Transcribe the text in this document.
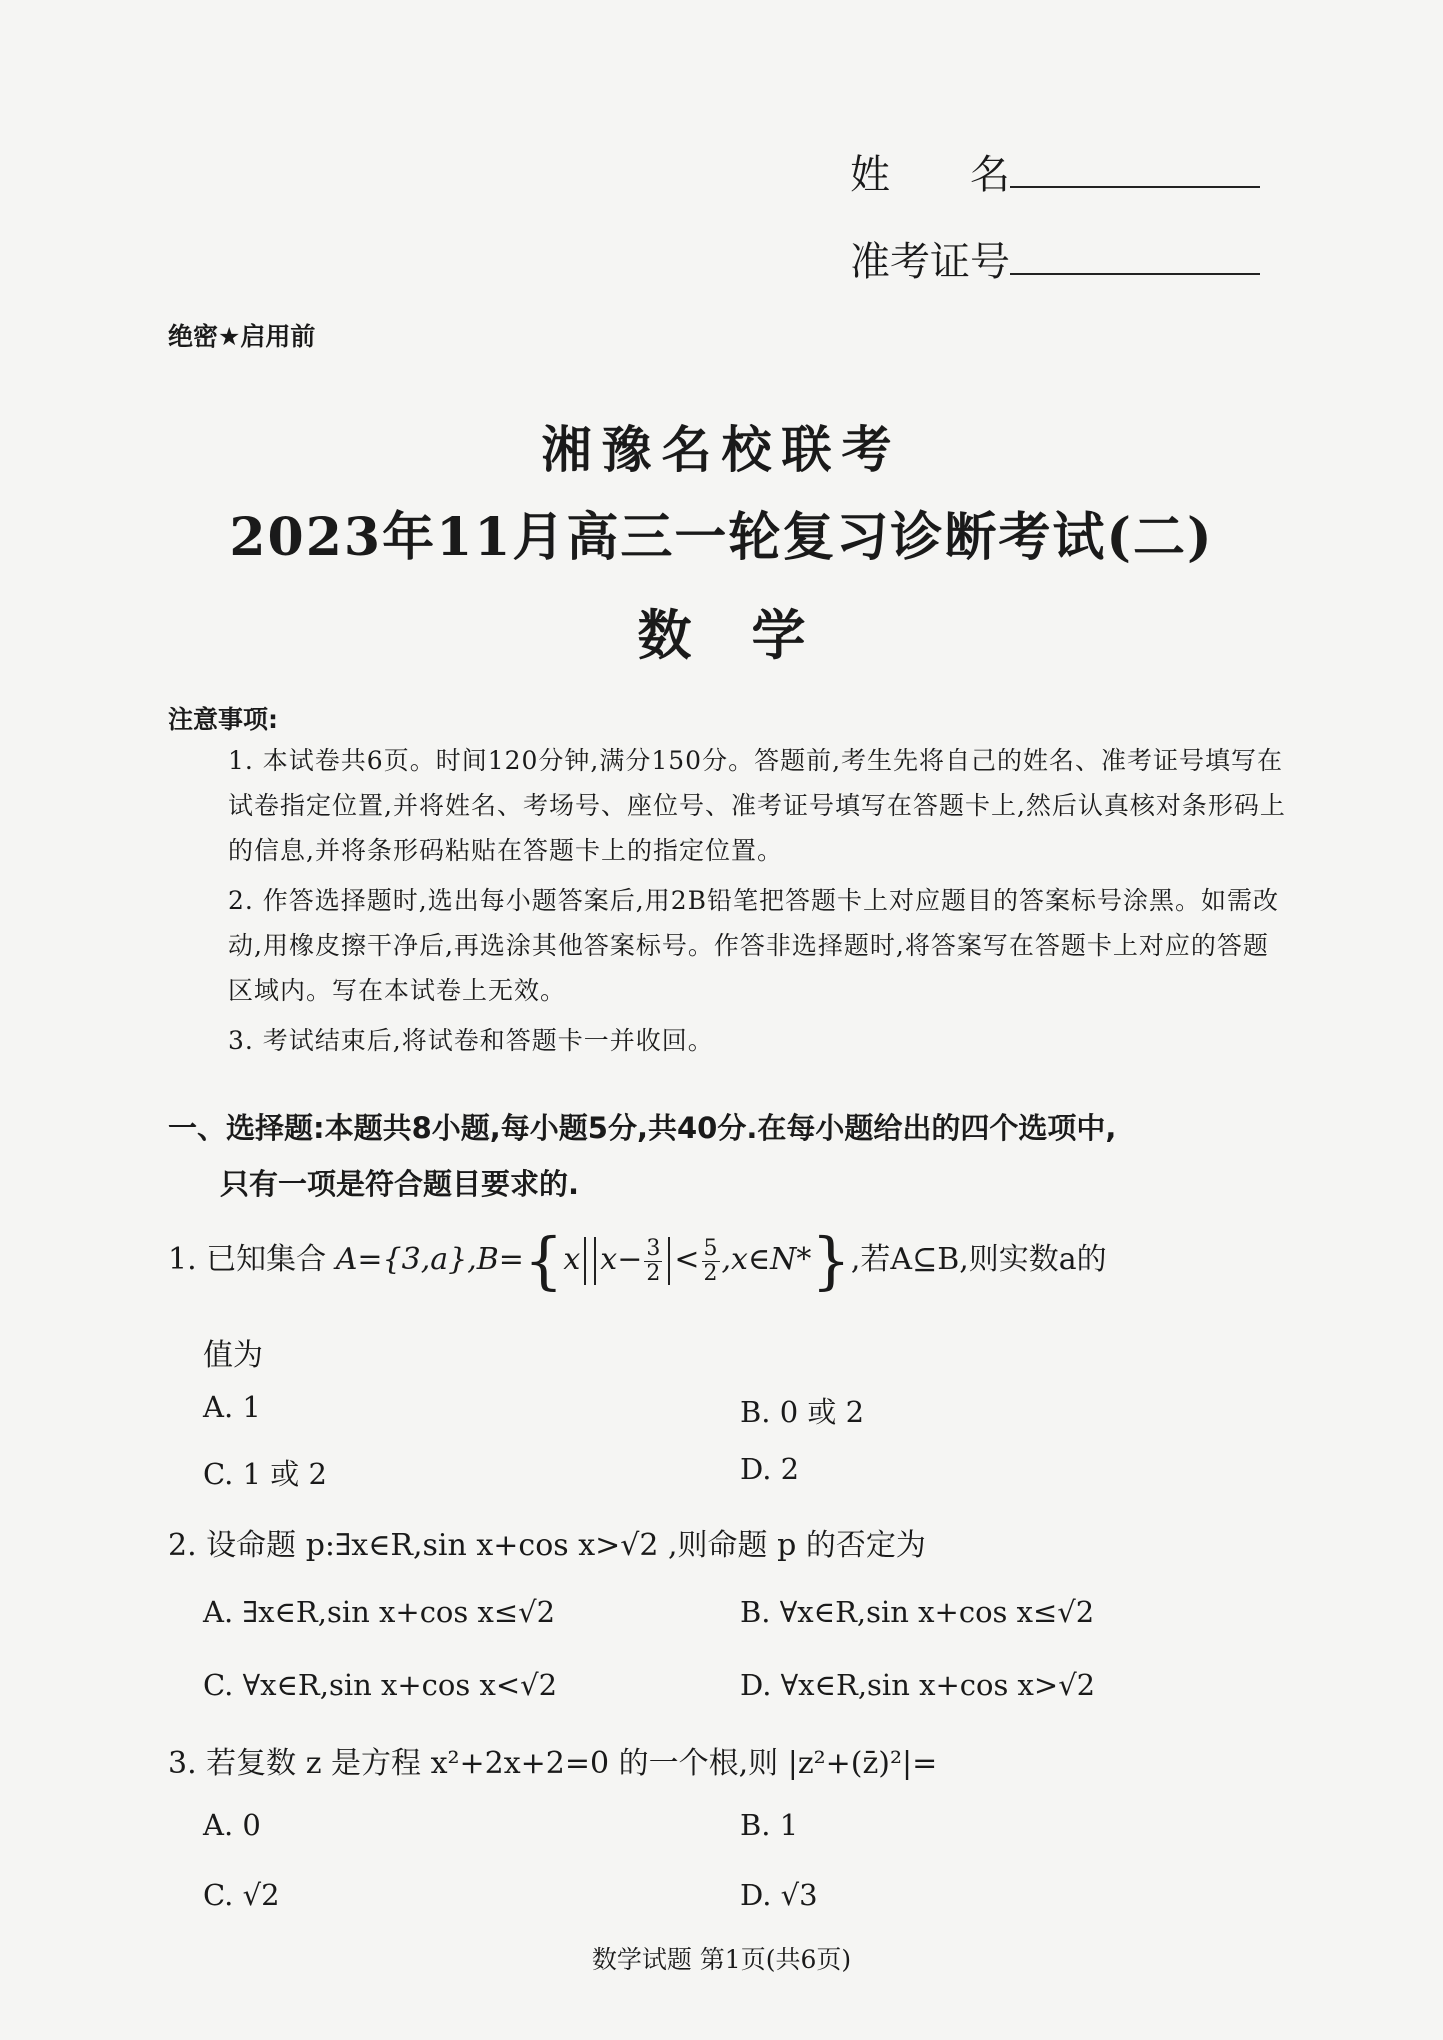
姓　　名
准考证号
绝密★启用前
湘豫名校联考
2023年11月高三一轮复习诊断考试(二)
数学
注意事项:
1. 本试卷共6页。时间120分钟,满分150分。答题前,考生先将自己的姓名、准考证号填写在试卷指定位置,并将姓名、考场号、座位号、准考证号填写在答题卡上,然后认真核对条形码上的信息,并将条形码粘贴在答题卡上的指定位置。
2. 作答选择题时,选出每小题答案后,用2B铅笔把答题卡上对应题目的答案标号涂黑。如需改动,用橡皮擦干净后,再选涂其他答案标号。作答非选择题时,将答案写在答题卡上对应的答题区域内。写在本试卷上无效。
3. 考试结束后,将试卷和答题卡一并收回。
一、选择题:本题共8小题,每小题5分,共40分.在每小题给出的四个选项中,
只有一项是符合题目要求的.
1. 已知集合 A={3,a},B={x $x- \frac{3}{2} < \frac{5}{2}$ ,x∈N*},若A⊆B,则实数a的
值为
A. 1	B. 0 或 2
C. 1 或 2	D. 2
2. 设命题 p:∃x∈R,sin x+cos x>√2 ,则命题 p 的否定为
A. ∃x∈R,sin x+cos x≤√2	B. ∀x∈R,sin x+cos x≤√2
C. ∀x∈R,sin x+cos x<√2	D. ∀x∈R,sin x+cos x>√2
3. 若复数 z 是方程 x²+2x+2=0 的一个根,则 |z²+(z̄)²|=
A. 0	B. 1
C. √2	D. √3
数学试题 第1页(共6页)
